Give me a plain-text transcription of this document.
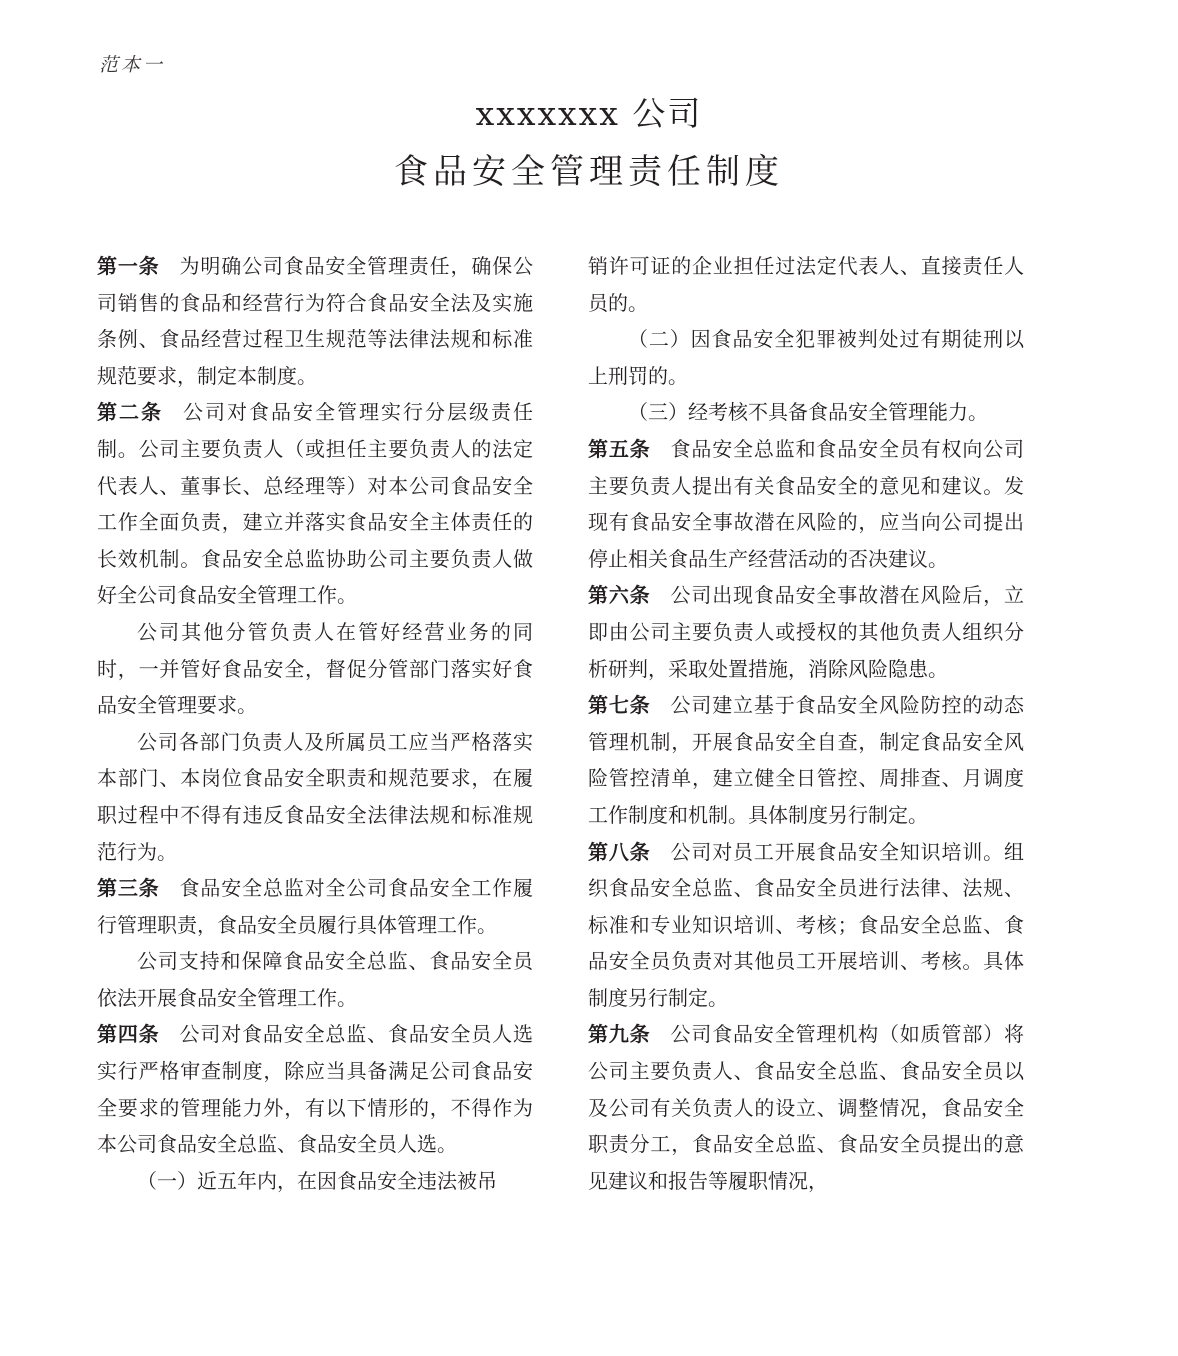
范本一
xxxxxxx 公司
食品安全管理责任制度

第一条 为明确公司食品安全管理责任，确保公司销售的食品和经营行为符合食品安全法及实施条例、食品经营过程卫生规范等法律法规和标准规范要求，制定本制度。

第二条 公司对食品安全管理实行分层级责任制。公司主要负责人（或担任主要负责人的法定代表人、董事长、总经理等）对本公司食品安全工作全面负责，建立并落实食品安全主体责任的长效机制。食品安全总监协助公司主要负责人做好全公司食品安全管理工作。

公司其他分管负责人在管好经营业务的同时，一并管好食品安全，督促分管部门落实好食品安全管理要求。

公司各部门负责人及所属员工应当严格落实本部门、本岗位食品安全职责和规范要求，在履职过程中不得有违反食品安全法律法规和标准规范行为。

第三条 食品安全总监对全公司食品安全工作履行管理职责，食品安全员履行具体管理工作。

公司支持和保障食品安全总监、食品安全员依法开展食品安全管理工作。

第四条 公司对食品安全总监、食品安全员人选实行严格审查制度，除应当具备满足公司食品安全要求的管理能力外，有以下情形的，不得作为本公司食品安全总监、食品安全员人选。

（一）近五年内，在因食品安全违法被吊

销许可证的企业担任过法定代表人、直接责任人员的。

（二）因食品安全犯罪被判处过有期徒刑以上刑罚的。

（三）经考核不具备食品安全管理能力。

第五条 食品安全总监和食品安全员有权向公司主要负责人提出有关食品安全的意见和建议。发现有食品安全事故潜在风险的，应当向公司提出停止相关食品生产经营活动的否决建议。

第六条 公司出现食品安全事故潜在风险后，立即由公司主要负责人或授权的其他负责人组织分析研判，采取处置措施，消除风险隐患。

第七条 公司建立基于食品安全风险防控的动态管理机制，开展食品安全自查，制定食品安全风险管控清单，建立健全日管控、周排查、月调度工作制度和机制。具体制度另行制定。

第八条 公司对员工开展食品安全知识培训。组织食品安全总监、食品安全员进行法律、法规、标准和专业知识培训、考核；食品安全总监、食品安全员负责对其他员工开展培训、考核。具体制度另行制定。

第九条 公司食品安全管理机构（如质管部）将公司主要负责人、食品安全总监、食品安全员以及公司有关负责人的设立、调整情况，食品安全职责分工，食品安全总监、食品安全员提出的意见建议和报告等履职情况，
